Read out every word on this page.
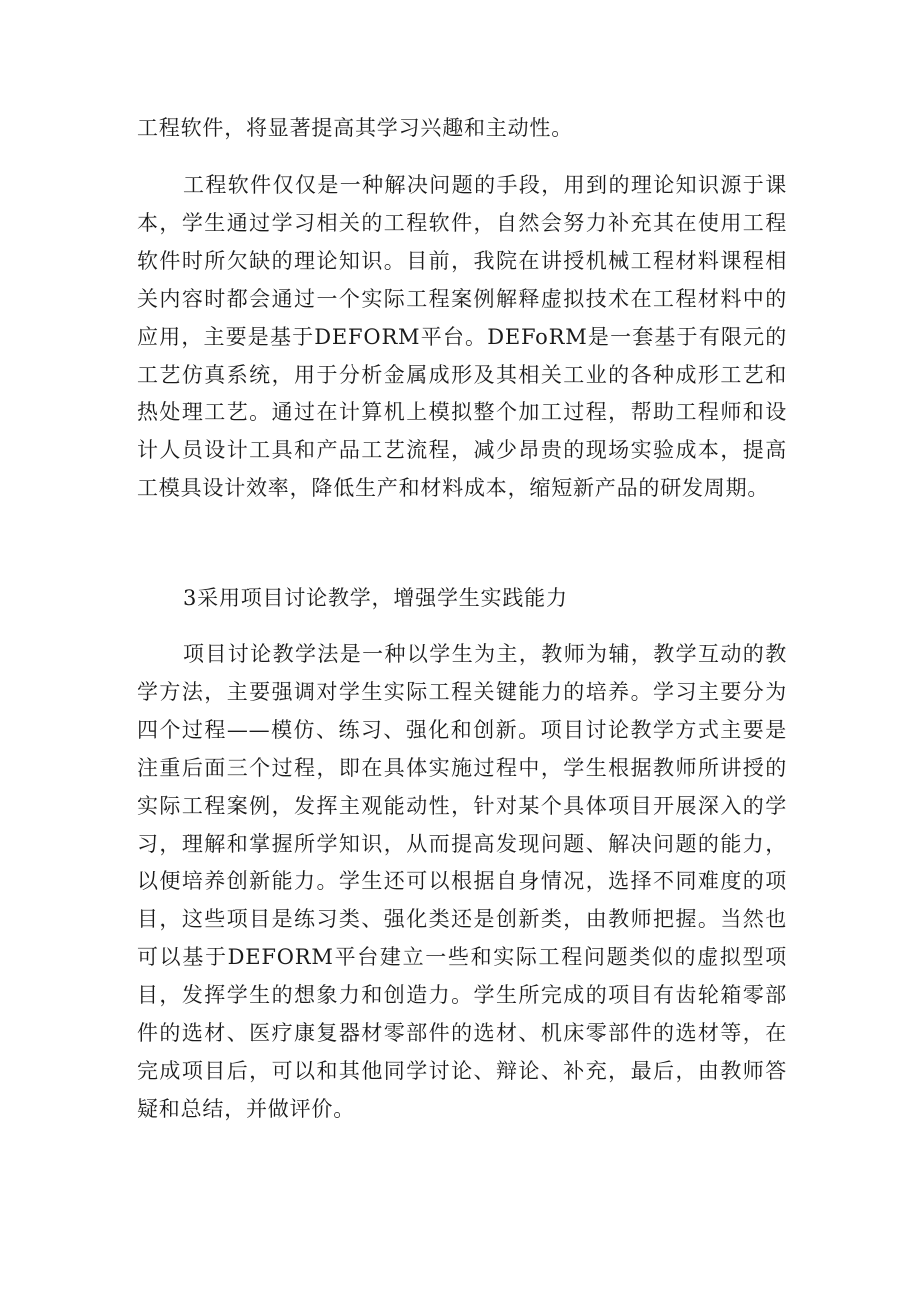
工程软件，将显著提高其学习兴趣和主动性。

工程软件仅仅是一种解决问题的手段，用到的理论知识源于课本，学生通过学习相关的工程软件，自然会努力补充其在使用工程软件时所欠缺的理论知识。目前，我院在讲授机械工程材料课程相关内容时都会通过一个实际工程案例解释虚拟技术在工程材料中的应用，主要是基于DEFORM平台。DEFoRM是一套基于有限元的工艺仿真系统，用于分析金属成形及其相关工业的各种成形工艺和热处理工艺。通过在计算机上模拟整个加工过程，帮助工程师和设计人员设计工具和产品工艺流程，减少昂贵的现场实验成本，提高工模具设计效率，降低生产和材料成本，缩短新产品的研发周期。

3采用项目讨论教学，增强学生实践能力

项目讨论教学法是一种以学生为主，教师为辅，教学互动的教学方法，主要强调对学生实际工程关键能力的培养。学习主要分为四个过程——模仿、练习、强化和创新。项目讨论教学方式主要是注重后面三个过程，即在具体实施过程中，学生根据教师所讲授的实际工程案例，发挥主观能动性，针对某个具体项目开展深入的学习，理解和掌握所学知识，从而提高发现问题、解决问题的能力，以便培养创新能力。学生还可以根据自身情况，选择不同难度的项目，这些项目是练习类、强化类还是创新类，由教师把握。当然也可以基于DEFORM平台建立一些和实际工程问题类似的虚拟型项目，发挥学生的想象力和创造力。学生所完成的项目有齿轮箱零部件的选材、医疗康复器材零部件的选材、机床零部件的选材等，在完成项目后，可以和其他同学讨论、辩论、补充，最后，由教师答疑和总结，并做评价。
